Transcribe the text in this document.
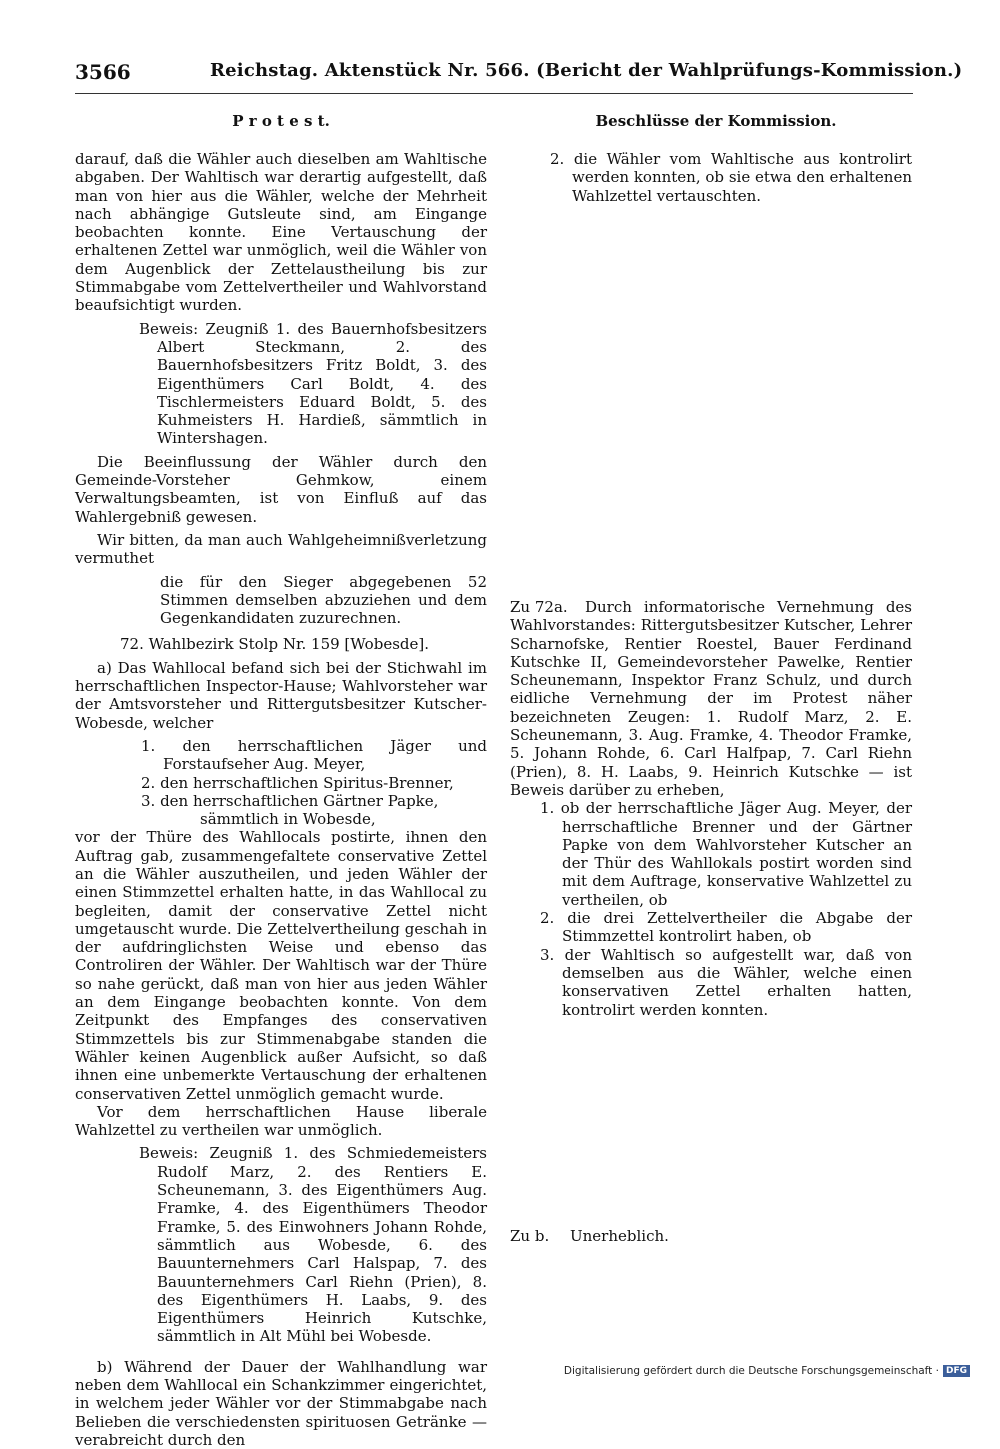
3566	Reichstag. Aktenstück Nr. 566. (Bericht der Wahlprüfungs-Kommission.)
P r o t e s t.	Beschlüsse der Kommission.

darauf, daß die Wähler auch dieselben am Wahltische abgaben. Der Wahltisch war derartig aufgestellt, daß man von hier aus die Wähler, welche der Mehrheit nach abhängige Gutsleute sind, am Eingange beobachten konnte. Eine Vertauschung der erhaltenen Zettel war unmöglich, weil die Wähler von dem Augenblick der Zettelaustheilung bis zur Stimmabgabe vom Zettelvertheiler und Wahlvorstand beaufsichtigt wurden.

Beweis: Zeugniß 1. des Bauernhofsbesitzers Albert Steckmann, 2. des Bauernhofsbesitzers Fritz Boldt, 3. des Eigenthümers Carl Boldt, 4. des Tischlermeisters Eduard Boldt, 5. des Kuhmeisters H. Hardieß, sämmtlich in Wintershagen.

Die Beeinflussung der Wähler durch den Gemeinde-Vorsteher Gehmkow, einem Verwaltungsbeamten, ist von Einfluß auf das Wahlergebniß gewesen.

Wir bitten, da man auch Wahlgeheimnißverletzung vermuthet

die für den Sieger abgegebenen 52 Stimmen demselben abzuziehen und dem Gegenkandidaten zuzurechnen.

72. Wahlbezirk Stolp Nr. 159 [Wobesde].

a) Das Wahllocal befand sich bei der Stichwahl im herrschaftlichen Inspector-Hause; Wahlvorsteher war der Amtsvorsteher und Rittergutsbesitzer Kutscher-Wobesde, welcher

1. den herrschaftlichen Jäger und Forstaufseher Aug. Meyer,

2. den herrschaftlichen Spiritus-Brenner,

3. den herrschaftlichen Gärtner Papke,

sämmtlich in Wobesde,

vor der Thüre des Wahllocals postirte, ihnen den Auftrag gab, zusammengefaltete conservative Zettel an die Wähler auszutheilen, und jeden Wähler der einen Stimmzettel erhalten hatte, in das Wahllocal zu begleiten, damit der conservative Zettel nicht umgetauscht wurde. Die Zettelvertheilung geschah in der aufdringlichsten Weise und ebenso das Controliren der Wähler. Der Wahltisch war der Thüre so nahe gerückt, daß man von hier aus jeden Wähler an dem Eingange beobachten konnte. Von dem Zeitpunkt des Empfanges des conservativen Stimmzettels bis zur Stimmenabgabe standen die Wähler keinen Augenblick außer Aufsicht, so daß ihnen eine unbemerkte Vertauschung der erhaltenen conservativen Zettel unmöglich gemacht wurde.

Vor dem herrschaftlichen Hause liberale Wahlzettel zu vertheilen war unmöglich.

Beweis: Zeugniß 1. des Schmiedemeisters Rudolf Marz, 2. des Rentiers E. Scheunemann, 3. des Eigenthümers Aug. Framke, 4. des Eigenthümers Theodor Framke, 5. des Einwohners Johann Rohde, sämmtlich aus Wobesde, 6. des Bauunternehmers Carl Halspap, 7. des Bauunternehmers Carl Riehn (Prien), 8. des Eigenthümers H. Laabs, 9. des Eigenthümers Heinrich Kutschke, sämmtlich in Alt Mühl bei Wobesde.

b) Während der Dauer der Wahlhandlung war neben dem Wahllocal ein Schankzimmer eingerichtet, in welchem jeder Wähler vor der Stimmabgabe nach Belieben die verschiedensten spirituosen Getränke — verabreicht durch den

2. die Wähler vom Wahltische aus kontrolirt werden konnten, ob sie etwa den erhaltenen Wahlzettel vertauschten.

Zu 72a.	Durch informatorische Vernehmung des Wahlvorstandes: Rittergutsbesitzer Kutscher, Lehrer Scharnofske, Rentier Roestel, Bauer Ferdinand Kutschke II, Gemeindevorsteher Pawelke, Rentier Scheunemann, Inspektor Franz Schulz, und durch eidliche Vernehmung der im Protest näher bezeichneten Zeugen: 1. Rudolf Marz, 2. E. Scheunemann, 3. Aug. Framke, 4. Theodor Framke, 5. Johann Rohde, 6. Carl Halfpap, 7. Carl Riehn (Prien), 8. H. Laabs, 9. Heinrich Kutschke — ist Beweis darüber zu erheben,

1. ob der herrschaftliche Jäger Aug. Meyer, der herrschaftliche Brenner und der Gärtner Papke von dem Wahlvorsteher Kutscher an der Thür des Wahllokals postirt worden sind mit dem Auftrage, konservative Wahlzettel zu vertheilen, ob

2. die drei Zettelvertheiler die Abgabe der Stimmzettel kontrolirt haben, ob

3. der Wahltisch so aufgestellt war, daß von demselben aus die Wähler, welche einen konservativen Zettel erhalten hatten, kontrolirt werden konnten.

Zu b. Unerheblich.
Digitalisierung gefördert durch die Deutsche Forschungsgemeinschaft · DFG
